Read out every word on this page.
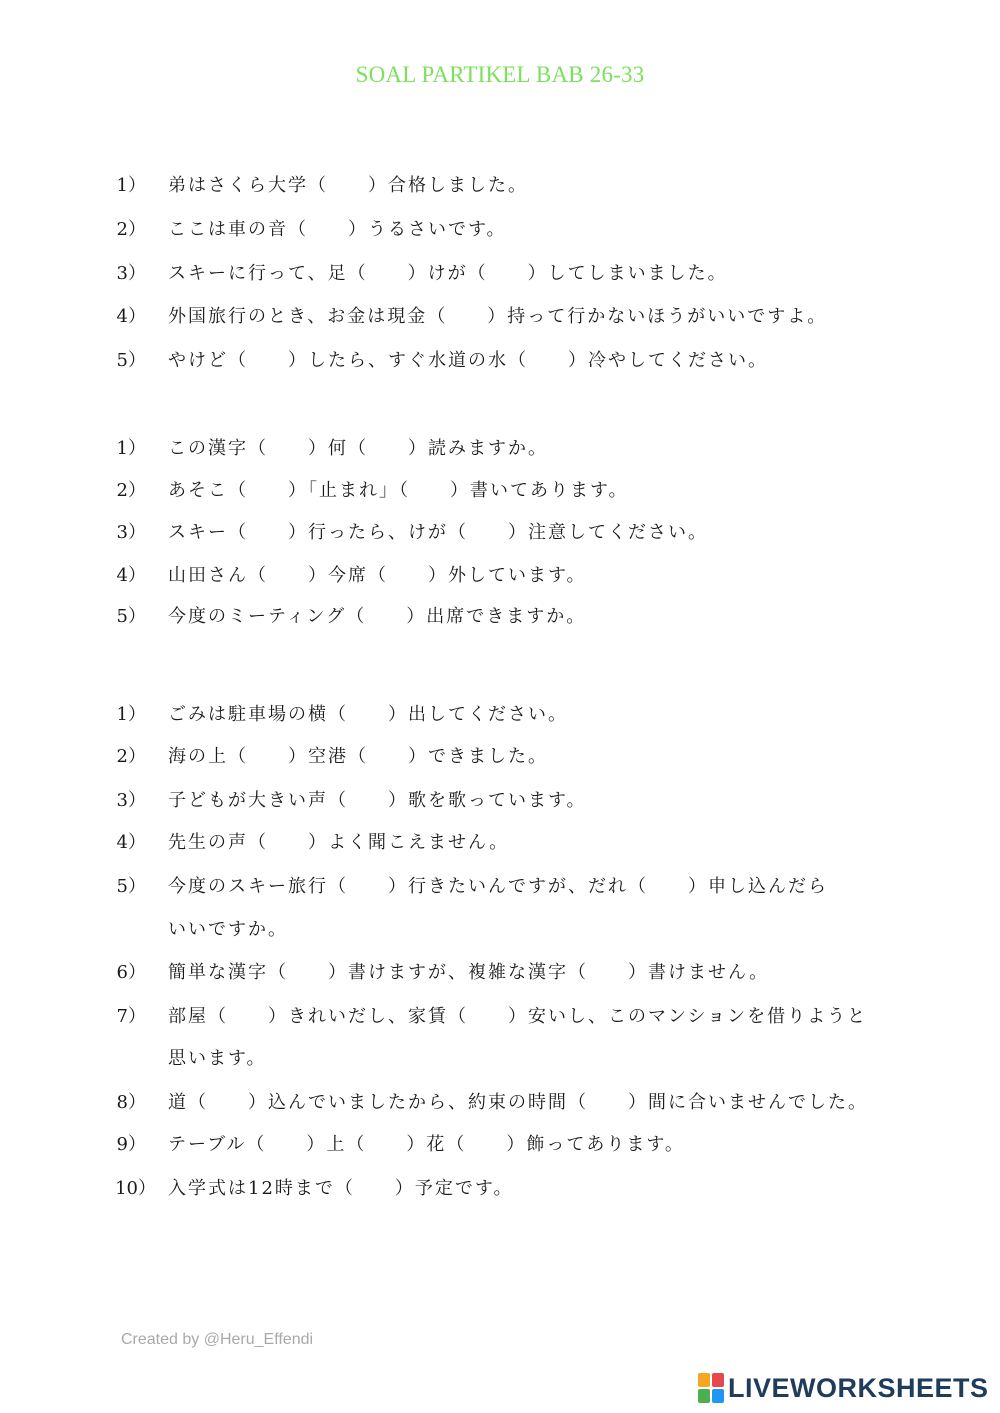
SOAL PARTIKEL BAB 26-33
1） 弟はさくら大学（　　）合格しました。
2） ここは車の音（　　）うるさいです。
3） スキーに行って、足（　　）けが（　　）してしまいました。
4） 外国旅行のとき、お金は現金（　　）持って行かないほうがいいですよ。
5） やけど（　　）したら、すぐ水道の水（　　）冷やしてください。
1） この漢字（　　）何（　　）読みますか。
2） あそこ（　　）「止まれ」（　　）書いてあります。
3） スキー（　　）行ったら、けが（　　）注意してください。
4） 山田さん（　　）今席（　　）外しています。
5） 今度のミーティング（　　）出席できますか。
1） ごみは駐車場の横（　　）出してください。
2） 海の上（　　）空港（　　）できました。
3） 子どもが大きい声（　　）歌を歌っています。
4） 先生の声（　　）よく聞こえません。
5） 今度のスキー旅行（　　）行きたいんですが、だれ（　　）申し込んだら
いいですか。
6） 簡単な漢字（　　）書けますが、複雑な漢字（　　）書けません。
7） 部屋（　　）きれいだし、家賃（　　）安いし、このマンションを借りようと
思います。
8） 道（　　）込んでいましたから、約束の時間（　　）間に合いませんでした。
9） テーブル（　　）上（　　）花（　　）飾ってあります。
10） 入学式は12時まで（　　）予定です。
Created by @Heru_Effendi
LIVEWORKSHEETS
